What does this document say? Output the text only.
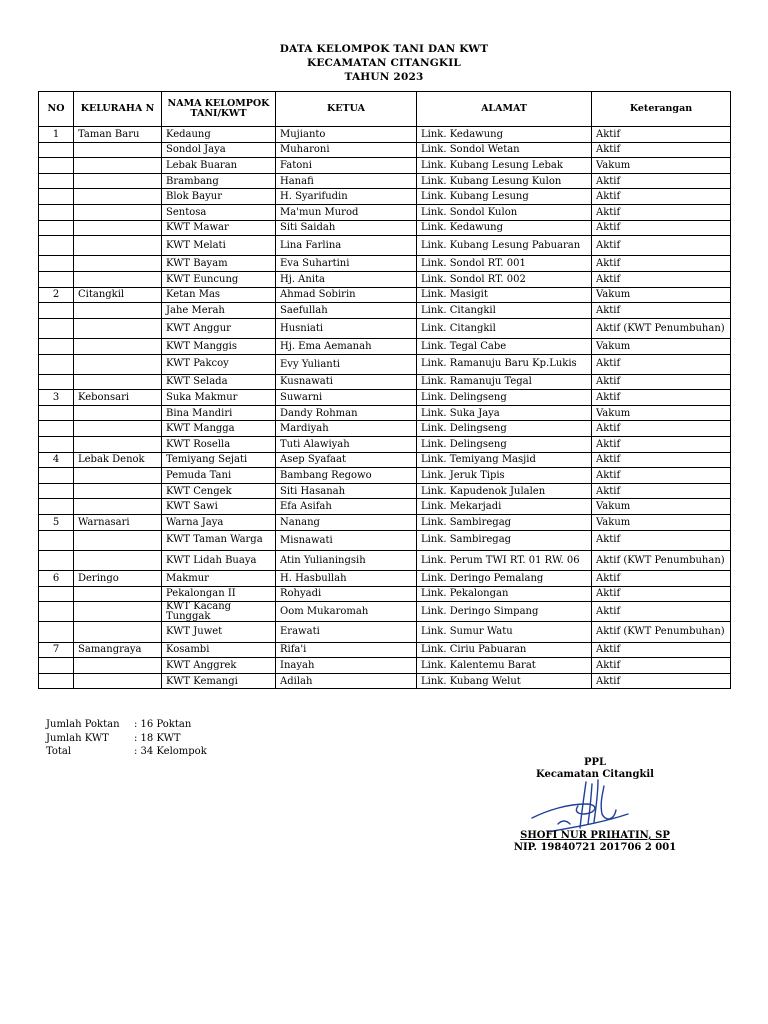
DATA KELOMPOK TANI DAN KWT
KECAMATAN CITANGKIL
TAHUN 2023
NO	KELURAHA N	NAMA KELOMPOK TANI/KWT	KETUA	ALAMAT	Keterangan
1	Taman Baru	Kedaung	Mujianto	Link. Kedawung	Aktif
		Sondol Jaya	Muharoni	Link. Sondol Wetan	Aktif
		Lebak Buaran	Fatoni	Link. Kubang Lesung Lebak	Vakum
		Brambang	Hanafi	Link. Kubang Lesung Kulon	Aktif
		Blok Bayur	H. Syarifudin	Link. Kubang Lesung	Aktif
		Sentosa	Ma'mun Murod	Link. Sondol Kulon	Aktif
		KWT Mawar	Siti Saidah	Link. Kedawung	Aktif
		KWT Melati	Lina Farlina	Link. Kubang Lesung Pabuaran	Aktif
		KWT Bayam	Eva Suhartini	Link. Sondol RT. 001	Aktif
		KWT Euncung	Hj. Anita	Link. Sondol RT. 002	Aktif
2	Citangkil	Ketan Mas	Ahmad Sobirin	Link. Masigit	Vakum
		Jahe Merah	Saefullah	Link. Citangkil	Aktif
		KWT Anggur	Husniati	Link. Citangkil	Aktif (KWT Penumbuhan)
		KWT Manggis	Hj. Ema Aemanah	Link. Tegal Cabe	Vakum
		KWT Pakcoy	Evy Yulianti	Link. Ramanuju Baru Kp.Lukis	Aktif
		KWT Selada	Kusnawati	Link. Ramanuju Tegal	Aktif
3	Kebonsari	Suka Makmur	Suwarni	Link. Delingseng	Aktif
		Bina Mandiri	Dandy Rohman	Link. Suka Jaya	Vakum
		KWT Mangga	Mardiyah	Link. Delingseng	Aktif
		KWT Rosella	Tuti Alawiyah	Link. Delingseng	Aktif
4	Lebak Denok	Temiyang Sejati	Asep Syafaat	Link. Temiyang Masjid	Aktif
		Pemuda Tani	Bambang Regowo	Link. Jeruk Tipis	Aktif
		KWT Cengek	Siti Hasanah	Link. Kapudenok Julalen	Aktif
		KWT Sawi	Efa Asifah	Link. Mekarjadi	Vakum
5	Warnasari	Warna Jaya	Nanang	Link. Sambiregag	Vakum
		KWT Taman Warga	Misnawati	Link. Sambiregag	Aktif
		KWT Lidah Buaya	Atin Yulianingsih	Link. Perum TWI RT. 01 RW. 06	Aktif (KWT Penumbuhan)
6	Deringo	Makmur	H. Hasbullah	Link. Deringo Pemalang	Aktif
		Pekalongan II	Rohyadi	Link. Pekalongan	Aktif
		KWT Kacang Tunggak	Oom Mukaromah	Link. Deringo Simpang	Aktif
		KWT Juwet	Erawati	Link. Sumur Watu	Aktif (KWT Penumbuhan)
7	Samangraya	Kosambi	Rifa'i	Link. Ciriu Pabuaran	Aktif
		KWT Anggrek	Inayah	Link. Kalentemu Barat	Aktif
		KWT Kemangi	Adilah	Link. Kubang Welut	Aktif
Jumlah Poktan	: 16 Poktan
Jumlah KWT	: 18 KWT
Total	: 34 Kelompok
PPL
Kecamatan Citangkil
SHOFI NUR PRIHATIN, SP
NIP. 19840721 201706 2 001
